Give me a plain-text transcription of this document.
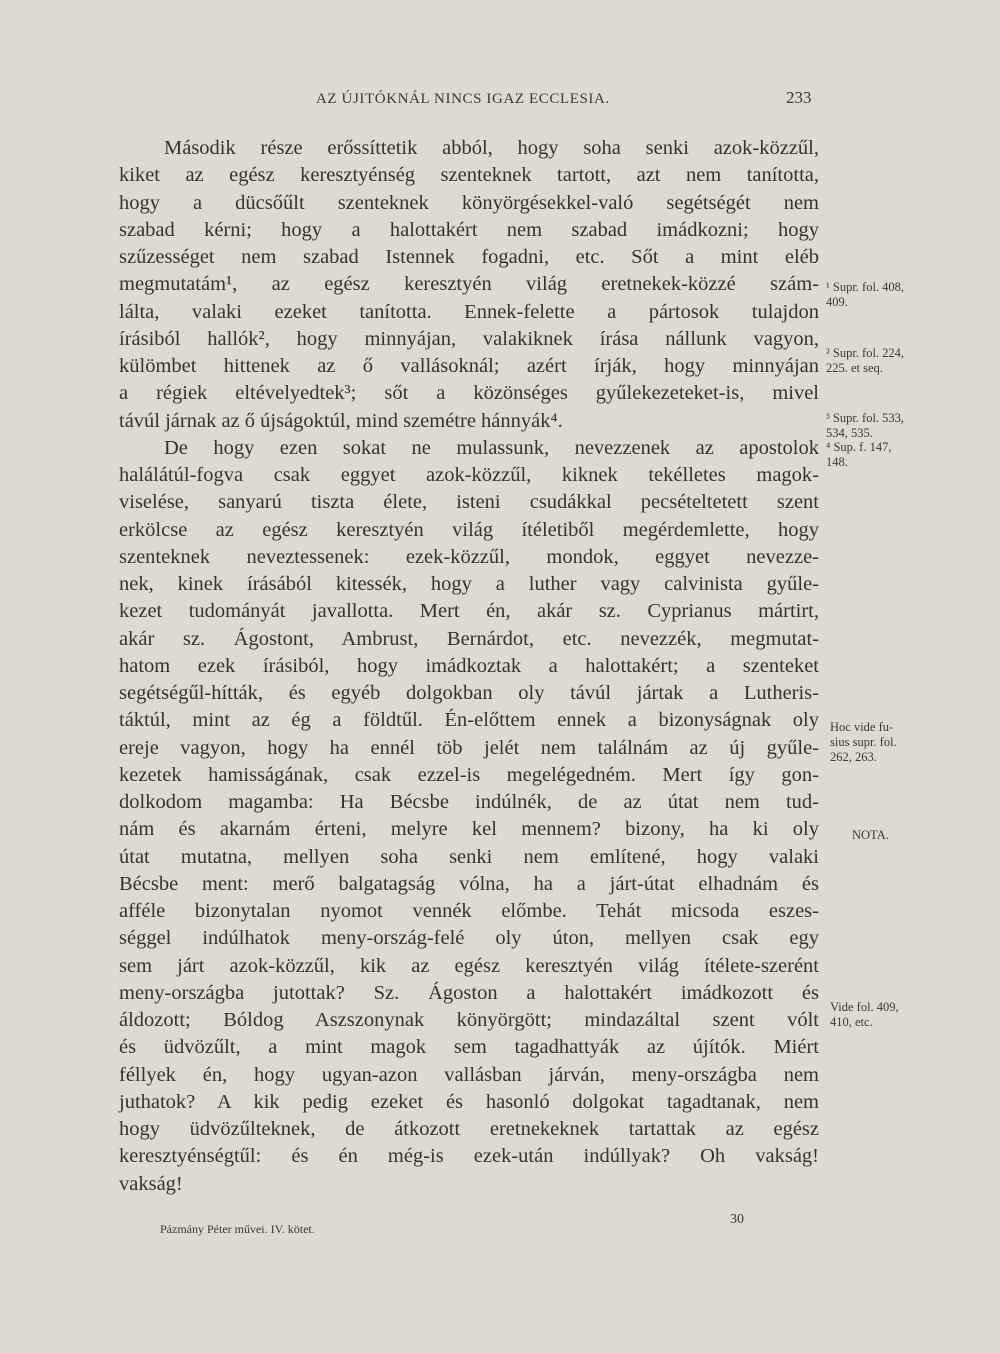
AZ ÚJITÓKNÁL NINCS IGAZ ECCLESIA.	233
Második része erőssíttetik abból, hogy soha senki azok-közzűl,
kiket az egész keresztyénség szenteknek tartott, azt nem tanította,
hogy a dücsőűlt szenteknek könyörgésekkel-való segétségét nem
szabad kérni; hogy a halottakért nem szabad imádkozni; hogy
szűzességet nem szabad Istennek fogadni, etc. Sőt a mint eléb
megmutatám¹, az egész keresztyén világ eretnekek-közzé szám-
lálta, valaki ezeket tanította. Ennek-felette a pártosok tulajdon
írásiból hallók², hogy minnyájan, valakiknek írása nállunk vagyon,
külömbet hittenek az ő vallásoknál; azért írják, hogy minnyájan
a régiek eltévelyedtek³; sőt a közönséges gyűlekezeteket-is, mivel
távúl járnak az ő újságoktúl, mind szemétre hánnyák⁴.
De hogy ezen sokat ne mulassunk, nevezzenek az apostolok
halálátúl-fogva csak eggyet azok-közzűl, kiknek tekélletes magok-
viselése, sanyarú tiszta élete, isteni csudákkal pecsételtetett szent
erkölcse az egész keresztyén világ ítéletiből megérdemlette, hogy
szenteknek neveztessenek: ezek-közzűl, mondok, eggyet nevezze-
nek, kinek írásából kitessék, hogy a luther vagy calvinista gyűle-
kezet tudományát javallotta. Mert én, akár sz. Cyprianus mártirt,
akár sz. Ágostont, Ambrust, Bernárdot, etc. nevezzék, megmutat-
hatom ezek írásiból, hogy imádkoztak a halottakért; a szenteket
segétségűl-hítták, és egyéb dolgokban oly távúl jártak a Lutheris-
táktúl, mint az ég a földtűl. Én-előttem ennek a bizonyságnak oly
ereje vagyon, hogy ha ennél töb jelét nem találnám az új gyűle-
kezetek hamisságának, csak ezzel-is megelégedném. Mert így gon-
dolkodom magamba: Ha Bécsbe indúlnék, de az útat nem tud-
nám és akarnám érteni, melyre kel mennem? bizony, ha ki oly
útat mutatna, mellyen soha senki nem említené, hogy valaki
Bécsbe ment: merő balgatagság vólna, ha a járt-útat elhadnám és
afféle bizonytalan nyomot vennék előmbe. Tehát micsoda eszes-
séggel indúlhatok meny-ország-felé oly úton, mellyen csak egy
sem járt azok-közzűl, kik az egész keresztyén világ ítélete-szerént
meny-országba jutottak? Sz. Ágoston a halottakért imádkozott és
áldozott; Bóldog Aszszonynak könyörgött; mindazáltal szent vólt
és üdvözűlt, a mint magok sem tagadhattyák az újítók. Miért
féllyek én, hogy ugyan-azon vallásban járván, meny-országba nem
juthatok? A kik pedig ezeket és hasonló dolgokat tagadtanak, nem
hogy üdvözűlteknek, de átkozott eretnekeknek tartattak az egész
keresztyénségtűl: és én még-is ezek-után indúllyak? Oh vakság!
vakság!
¹ Supr. fol. 408,
409.
² Supr. fol. 224,
225. et seq.
³ Supr. fol. 533,
534, 535.
⁴ Sup. f. 147,
148.
Hoc vide fu-
sius supr. fol.
262, 263.
NOTA.
Vide fol. 409,
410, etc.
Pázmány Péter művei. IV. kötet.
30
